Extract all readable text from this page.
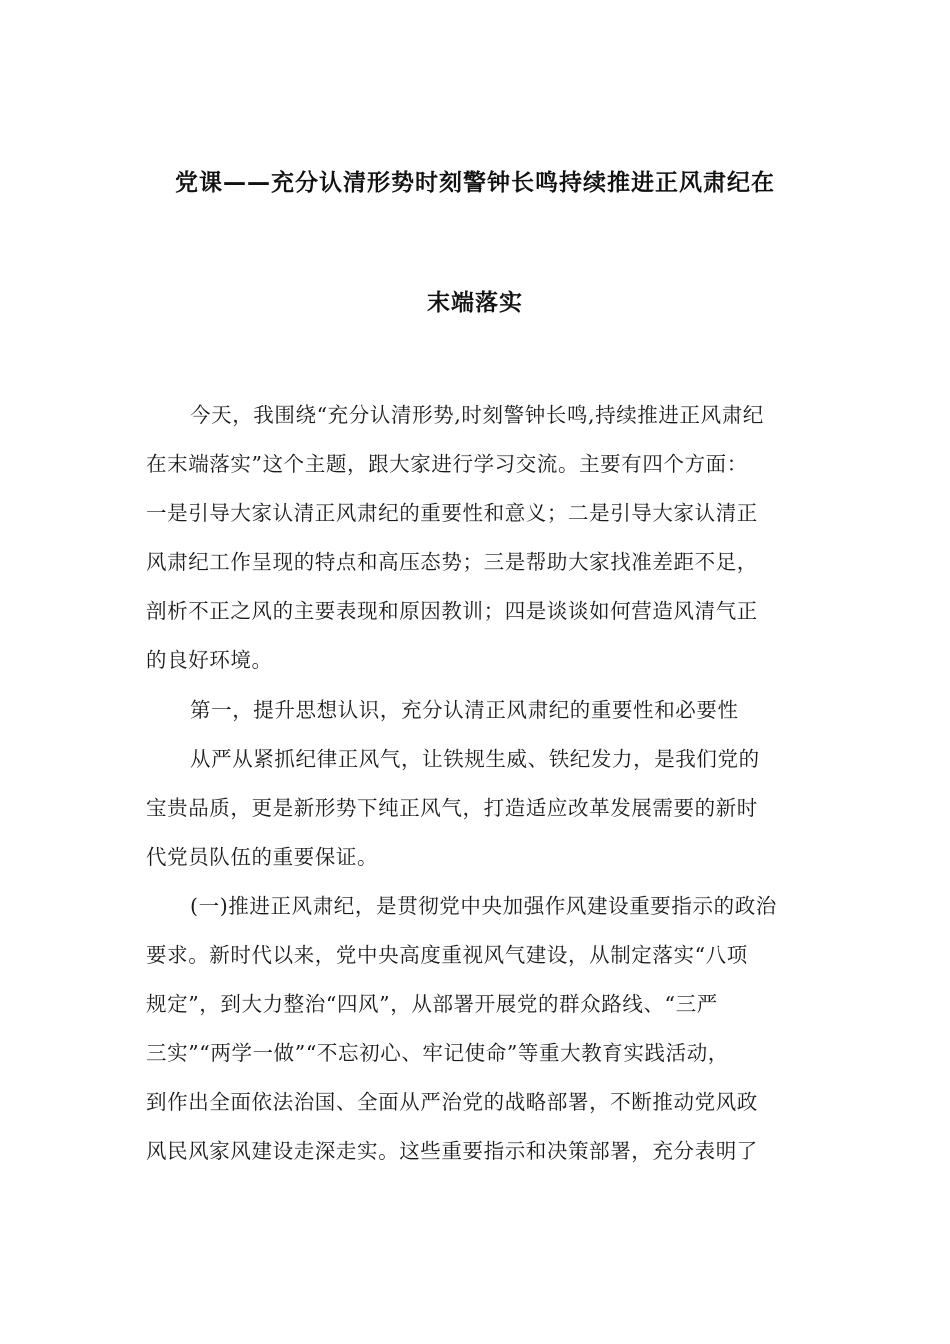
党课——充分认清形势时刻警钟长鸣持续推进正风肃纪在
末端落实
今天，我围绕“充分认清形势,时刻警钟长鸣,持续推进正风肃纪
在末端落实”这个主题，跟大家进行学习交流。主要有四个方面：
一是引导大家认清正风肃纪的重要性和意义；二是引导大家认清正
风肃纪工作呈现的特点和高压态势；三是帮助大家找准差距不足，
剖析不正之风的主要表现和原因教训；四是谈谈如何营造风清气正
的良好环境。
第一，提升思想认识，充分认清正风肃纪的重要性和必要性
从严从紧抓纪律正风气，让铁规生威、铁纪发力，是我们党的
宝贵品质，更是新形势下纯正风气，打造适应改革发展需要的新时
代党员队伍的重要保证。
(一)推进正风肃纪，是贯彻党中央加强作风建设重要指示的政治
要求。新时代以来，党中央高度重视风气建设，从制定落实“八项
规定”，到大力整治“四风”，从部署开展党的群众路线、“三严
三实”“两学一做”“不忘初心、牢记使命”等重大教育实践活动，
到作出全面依法治国、全面从严治党的战略部署，不断推动党风政
风民风家风建设走深走实。这些重要指示和决策部署，充分表明了
